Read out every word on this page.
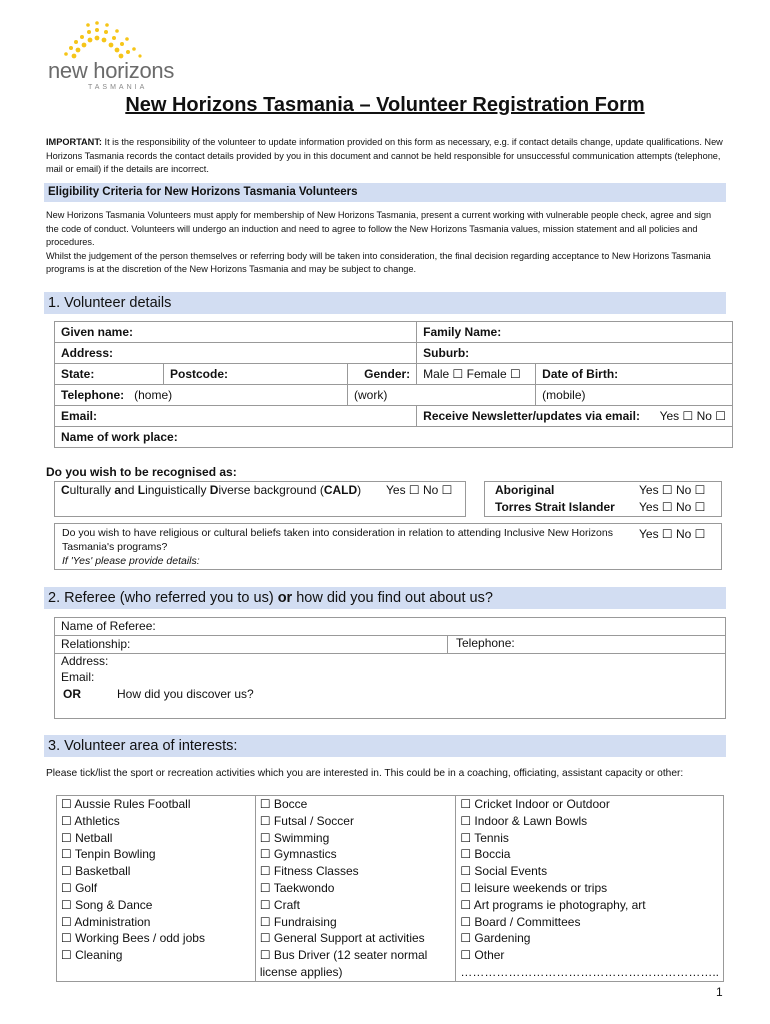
new horizons
TASMANIA
New Horizons Tasmania – Volunteer Registration Form
IMPORTANT: It is the responsibility of the volunteer to update information provided on this form as necessary, e.g. if contact details change, update qualifications. New Horizons Tasmania records the contact details provided by you in this document and cannot be held responsible for unsuccessful communication attempts (telephone, mail or email) if the details are incorrect.
Eligibility Criteria for New Horizons Tasmania Volunteers
New Horizons Tasmania Volunteers must apply for membership of New Horizons Tasmania, present a current working with vulnerable people check, agree and sign the code of conduct. Volunteers will undergo an induction and need to agree to follow the New Horizons Tasmania values, mission statement and all policies and procedures.
Whilst the judgement of the person themselves or referring body will be taken into consideration, the final decision regarding acceptance to New Horizons Tasmania programs is at the discretion of the New Horizons Tasmania and may be subject to change.
1. Volunteer details
Given name:			Family Name:	
Address:			Suburb:	
State:	Postcode:	Gender:	Male ☐ Female ☐	Date of Birth:
Telephone: (home)		(work)		(mobile)
Email:			Receive Newsletter/updates via email: Yes ☐ No ☐	

Name of work place:				
Do you wish to be recognised as:
Culturally and Linguistically Diverse background (CALD) Yes ☐ No ☐	Aboriginal	Yes ☐ No ☐
Torres Strait Islander Yes ☐ No ☐
Do you wish to have religious or cultural beliefs taken into consideration in relation to attending Inclusive New Horizons Tasmania's programs?
If 'Yes' please provide details:
Yes ☐ No ☐
2. Referee (who referred you to us) or how did you find out about us?
Name of Referee:
Relationship:	Telephone:
Address:
Email:
OR	How did you discover us?
3. Volunteer area of interests:
Please tick/list the sport or recreation activities which you are interested in. This could be in a coaching, officiating, assistant capacity or other:
☐ Aussie Rules Football
☐ Athletics
☐ Netball
☐ Tenpin Bowling
☐ Basketball
☐ Golf
☐ Song & Dance
☐ Administration
☐ Working Bees / odd jobs
☐ Cleaning

☐ Bocce
☐ Futsal / Soccer
☐ Swimming
☐ Gymnastics
☐ Fitness Classes
☐ Taekwondo
☐ Craft
☐ Fundraising
☐ General Support at activities
☐ Bus Driver (12 seater normal license applies)

☐ Cricket Indoor or Outdoor
☐ Indoor & Lawn Bowls
☐ Tennis
☐ Boccia
☐ Social Events
☐ leisure weekends or trips
☐ Art programs ie photography, art
☐ Board / Committees
☐ Gardening
☐ Other
………………………………………………………..
1
